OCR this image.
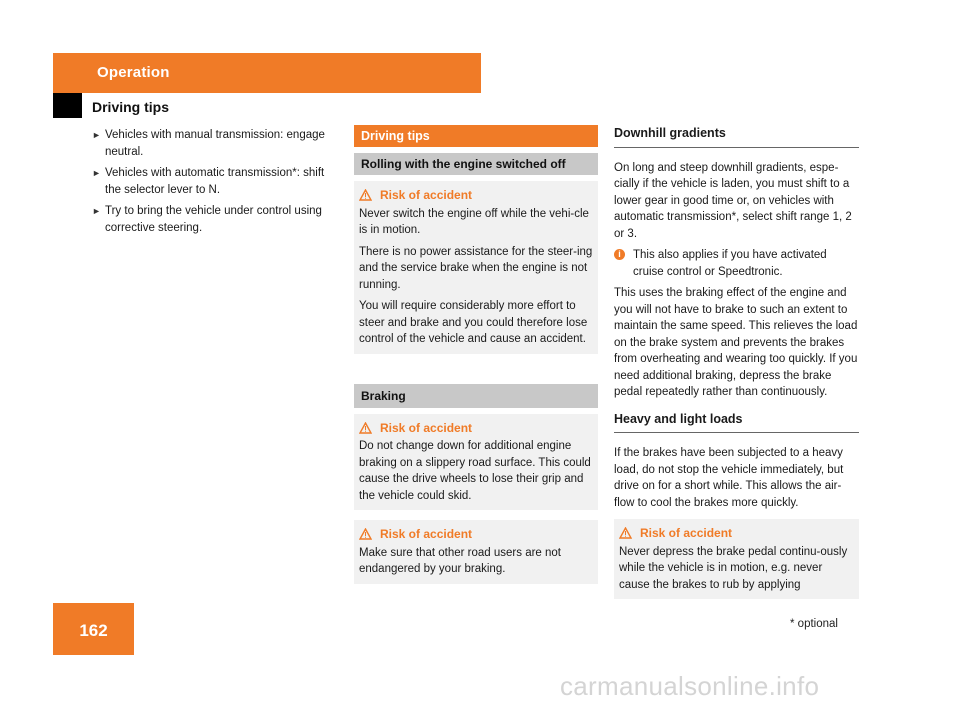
Operation
Driving tips
► Vehicles with manual transmission: engage neutral.
► Vehicles with automatic transmission*: shift the selector lever to N.
► Try to bring the vehicle under control using corrective steering.
Driving tips
Rolling with the engine switched off
Risk of accident

Never switch the engine off while the vehi-cle is in motion.

There is no power assistance for the steer-ing and the service brake when the engine is not running.

You will require considerably more effort to steer and brake and you could therefore lose control of the vehicle and cause an accident.

Braking
Risk of accident

Do not change down for additional engine braking on a slippery road surface. This could cause the drive wheels to lose their grip and the vehicle could skid.

Risk of accident

Make sure that other road users are not endangered by your braking.

Downhill gradients

On long and steep downhill gradients, espe-cially if the vehicle is laden, you must shift to a lower gear in good time or, on vehicles with automatic transmission*, select shift range 1, 2 or 3.

i	This also applies if you have activated cruise control or Speedtronic.

This uses the braking effect of the engine and you will not have to brake to such an extent to maintain the same speed. This relieves the load on the brake system and prevents the brakes from overheating and wearing too quickly. If you need additional braking, depress the brake pedal repeatedly rather than continuously.

Heavy and light loads

If the brakes have been subjected to a heavy load, do not stop the vehicle immediately, but drive on for a short while. This allows the air-flow to cool the brakes more quickly.

Risk of accident

Never depress the brake pedal continu-ously while the vehicle is in motion, e.g. never cause the brakes to rub by applying

162	* optional
carmanualsonline.info
